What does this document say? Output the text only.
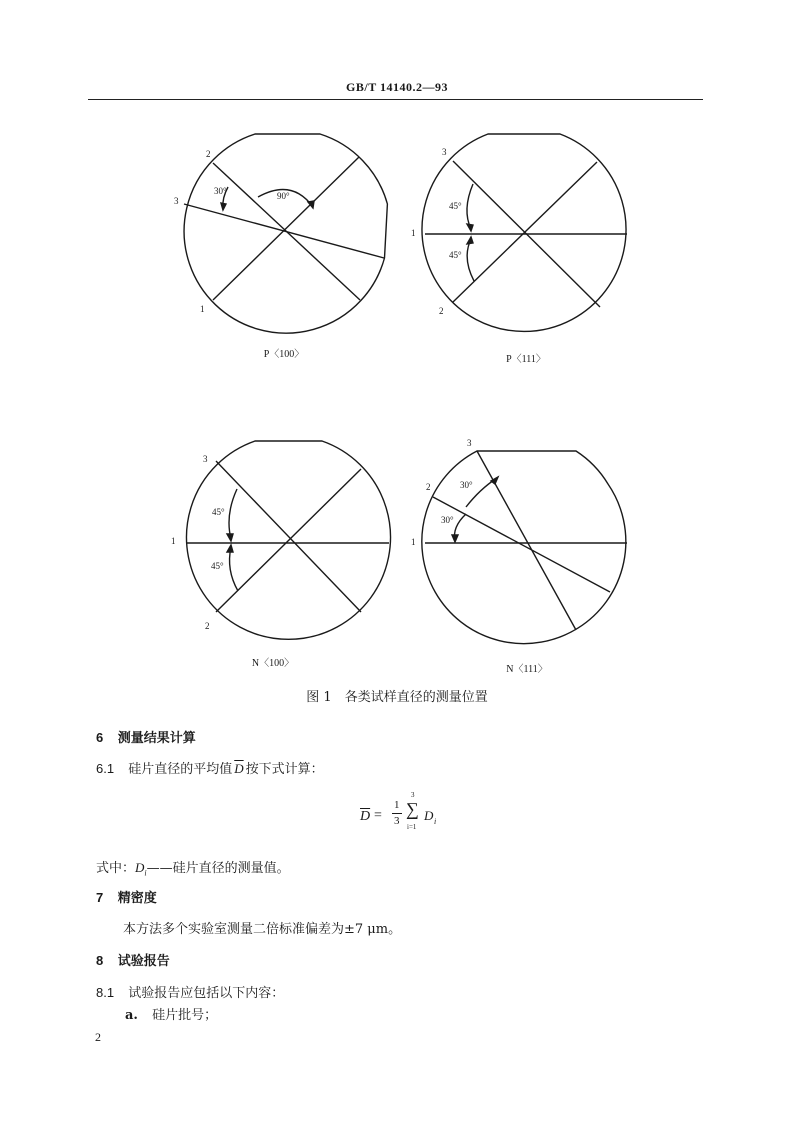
GB/T 14140.2—93
2
3
1
30°	90°
P〈100〉
3
1
2
45°
45°
P〈111〉
3
1
2
45°
45°
N〈100〉
3
2
1
30°
30°
N〈111〉
图 1　各类试样直径的测量位置
6 测量结果计算
6.1 硅片直径的平均值 $\overline{D}$ 按下式计算：
$\overline{D}$ =
1
3
3
∑
i=1
D i
式中：$D_i——$硅片直径的测量值。
7 精密度
本方法多个实验室测量二倍标准偏差为±7 μm。
8 试验报告
8.1 试验报告应包括以下内容：
a. 硅片批号；
2
